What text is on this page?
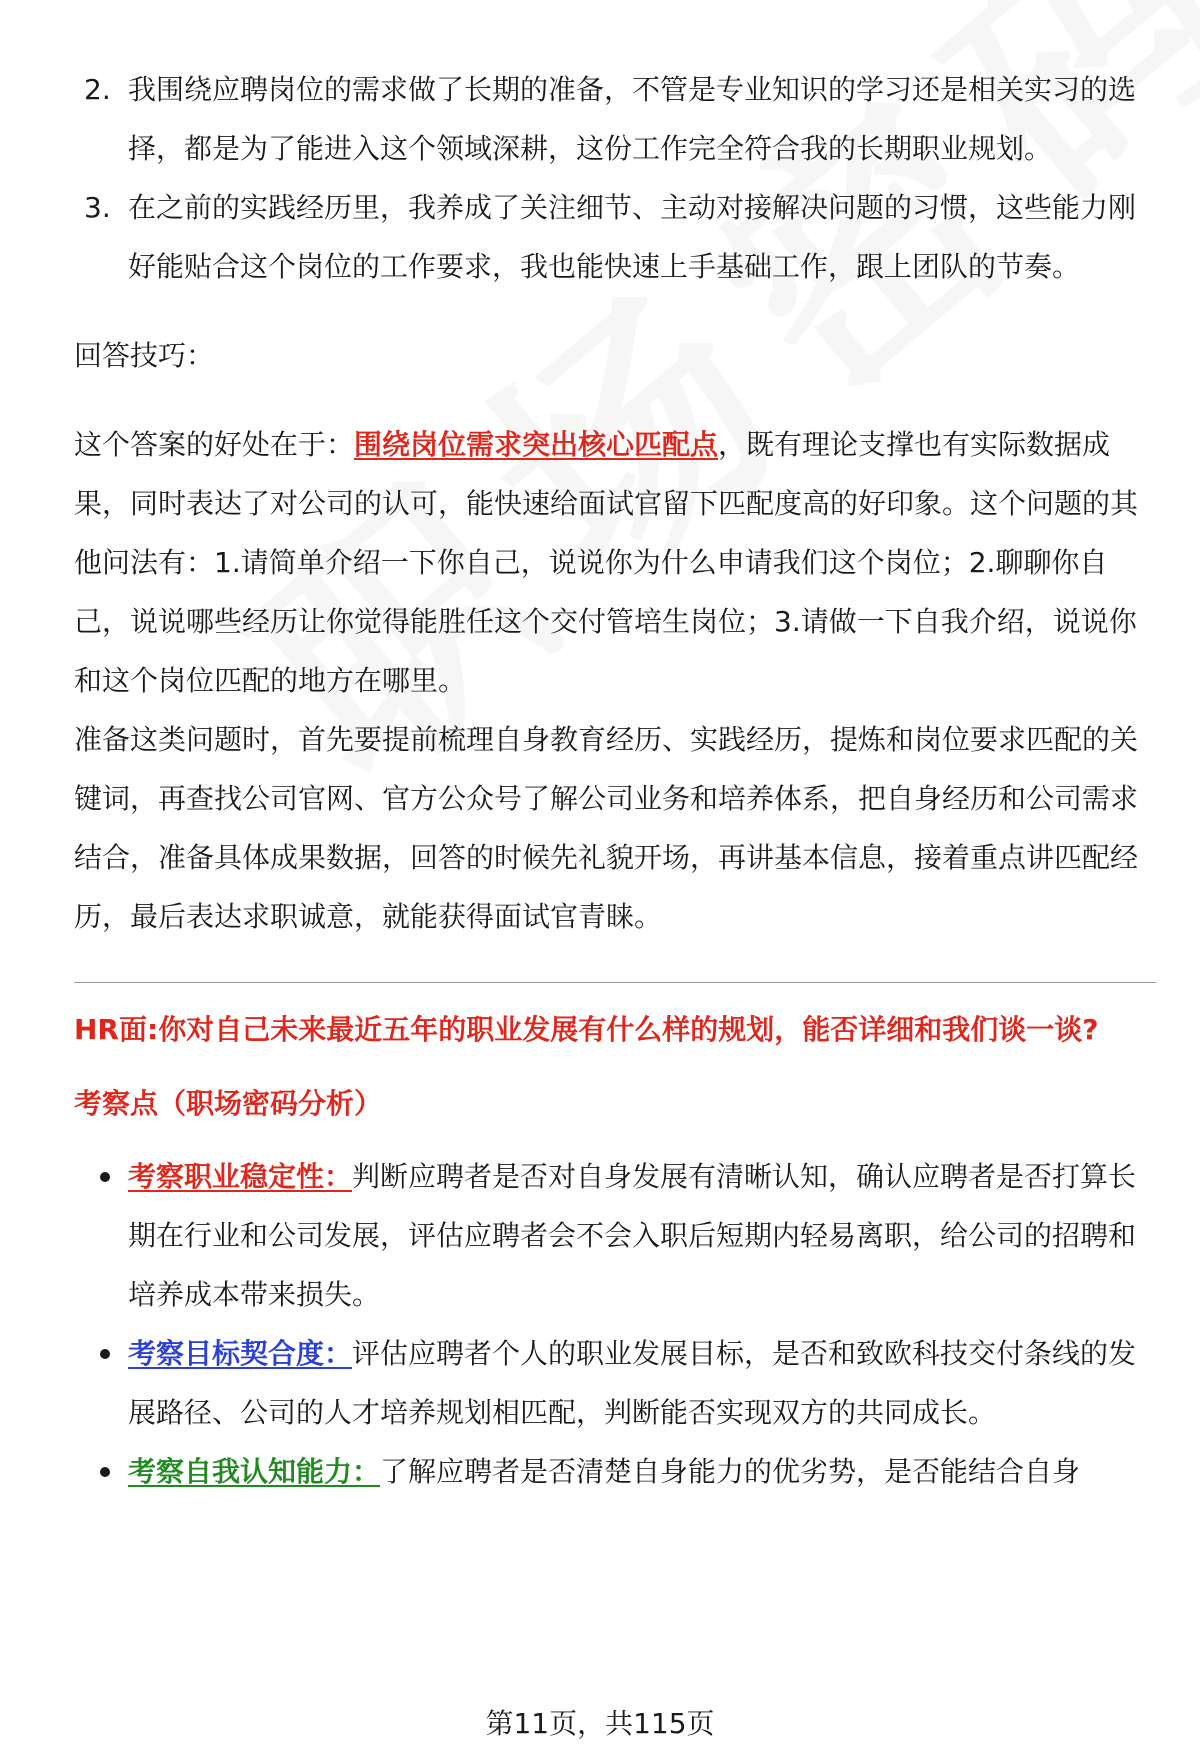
2. 我围绕应聘岗位的需求做了长期的准备，不管是专业知识的学习还是相关实习的选择，都是为了能进入这个领域深耕，这份工作完全符合我的长期职业规划。
3. 在之前的实践经历里，我养成了关注细节、主动对接解决问题的习惯，这些能力刚好能贴合这个岗位的工作要求，我也能快速上手基础工作，跟上团队的节奏。
回答技巧：

这个答案的好处在于：围绕岗位需求突出核心匹配点，既有理论支撑也有实际数据成果，同时表达了对公司的认可，能快速给面试官留下匹配度高的好印象。这个问题的其他问法有：1.请简单介绍一下你自己，说说你为什么申请我们这个岗位；2.聊聊你自己，说说哪些经历让你觉得能胜任这个交付管培生岗位；3.请做一下自我介绍，说说你和这个岗位匹配的地方在哪里。

准备这类问题时，首先要提前梳理自身教育经历、实践经历，提炼和岗位要求匹配的关键词，再查找公司官网、官方公众号了解公司业务和培养体系，把自身经历和公司需求结合，准备具体成果数据，回答的时候先礼貌开场，再讲基本信息，接着重点讲匹配经历，最后表达求职诚意，就能获得面试官青睐。

HR面:你对自己未来最近五年的职业发展有什么样的规划，能否详细和我们谈一谈?
考察点（职场密码分析）
考察职业稳定性：判断应聘者是否对自身发展有清晰认知，确认应聘者是否打算长期在行业和公司发展，评估应聘者会不会入职后短期内轻易离职，给公司的招聘和培养成本带来损失。
考察目标契合度：评估应聘者个人的职业发展目标，是否和致欧科技交付条线的发展路径、公司的人才培养规划相匹配，判断能否实现双方的共同成长。
考察自我认知能力：了解应聘者是否清楚自身能力的优劣势，是否能结合自身
第11页，共115页
